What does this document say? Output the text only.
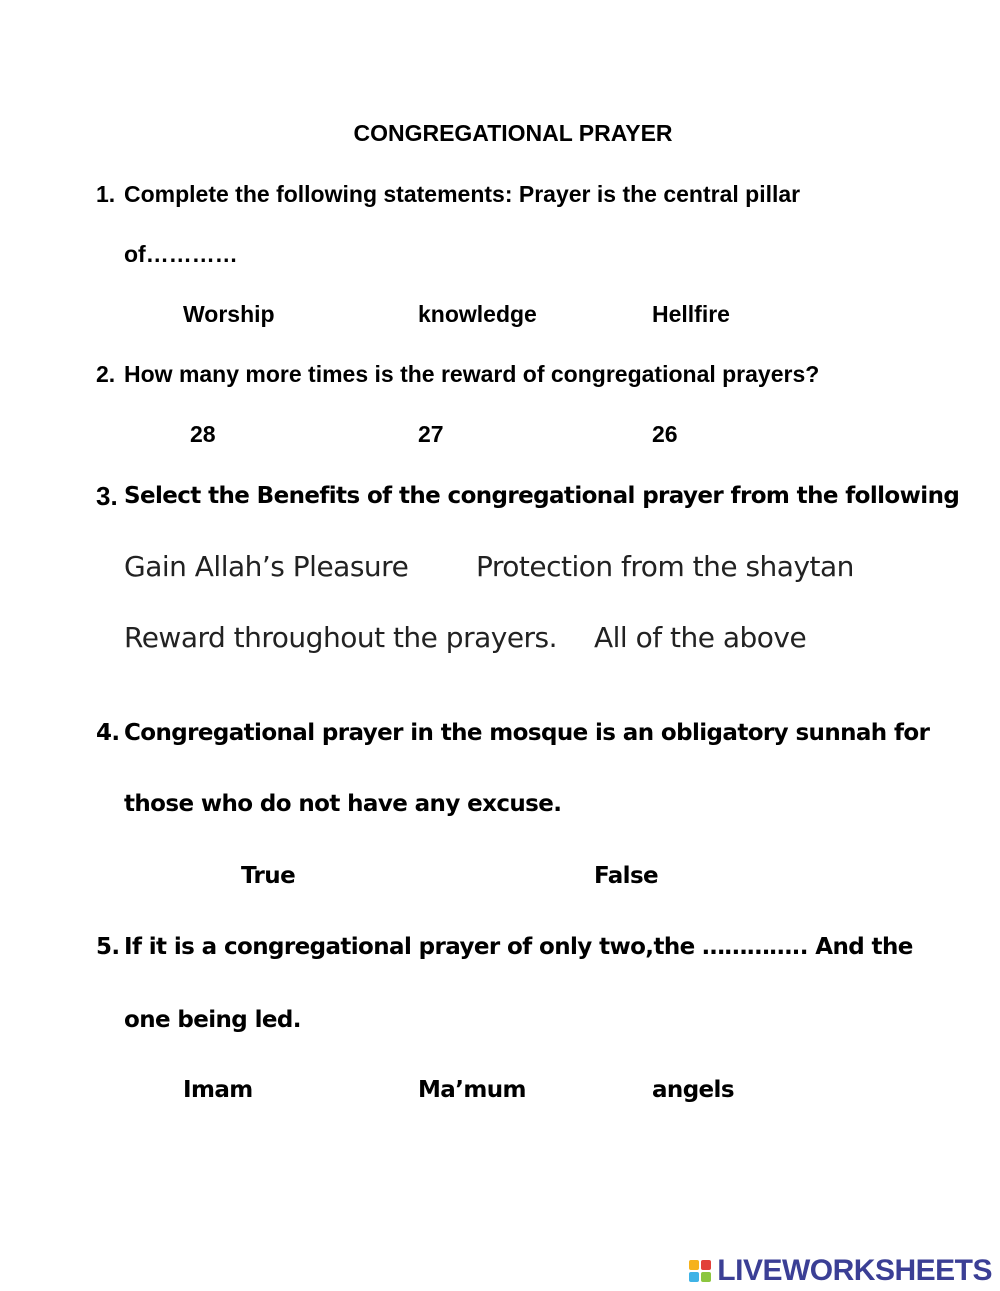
CONGREGATIONAL PRAYER
1. Complete the following statements: Prayer is the central pillar
of…………
Worship	knowledge	Hellfire
2. How many more times is the reward of congregational prayers?
28	27	26
3. Select the Benefits of the congregational prayer from the following
Gain Allah’s Pleasure Protection from the shaytan
Reward throughout the prayers. All of the above
4. Congregational prayer in the mosque is an obligatory sunnah for
those who do not have any excuse.
True	False
5. If it is a congregational prayer of only two,the ………….. And the
one being led.
Imam	Ma’mum	angels
LIVEWORKSHEETS
